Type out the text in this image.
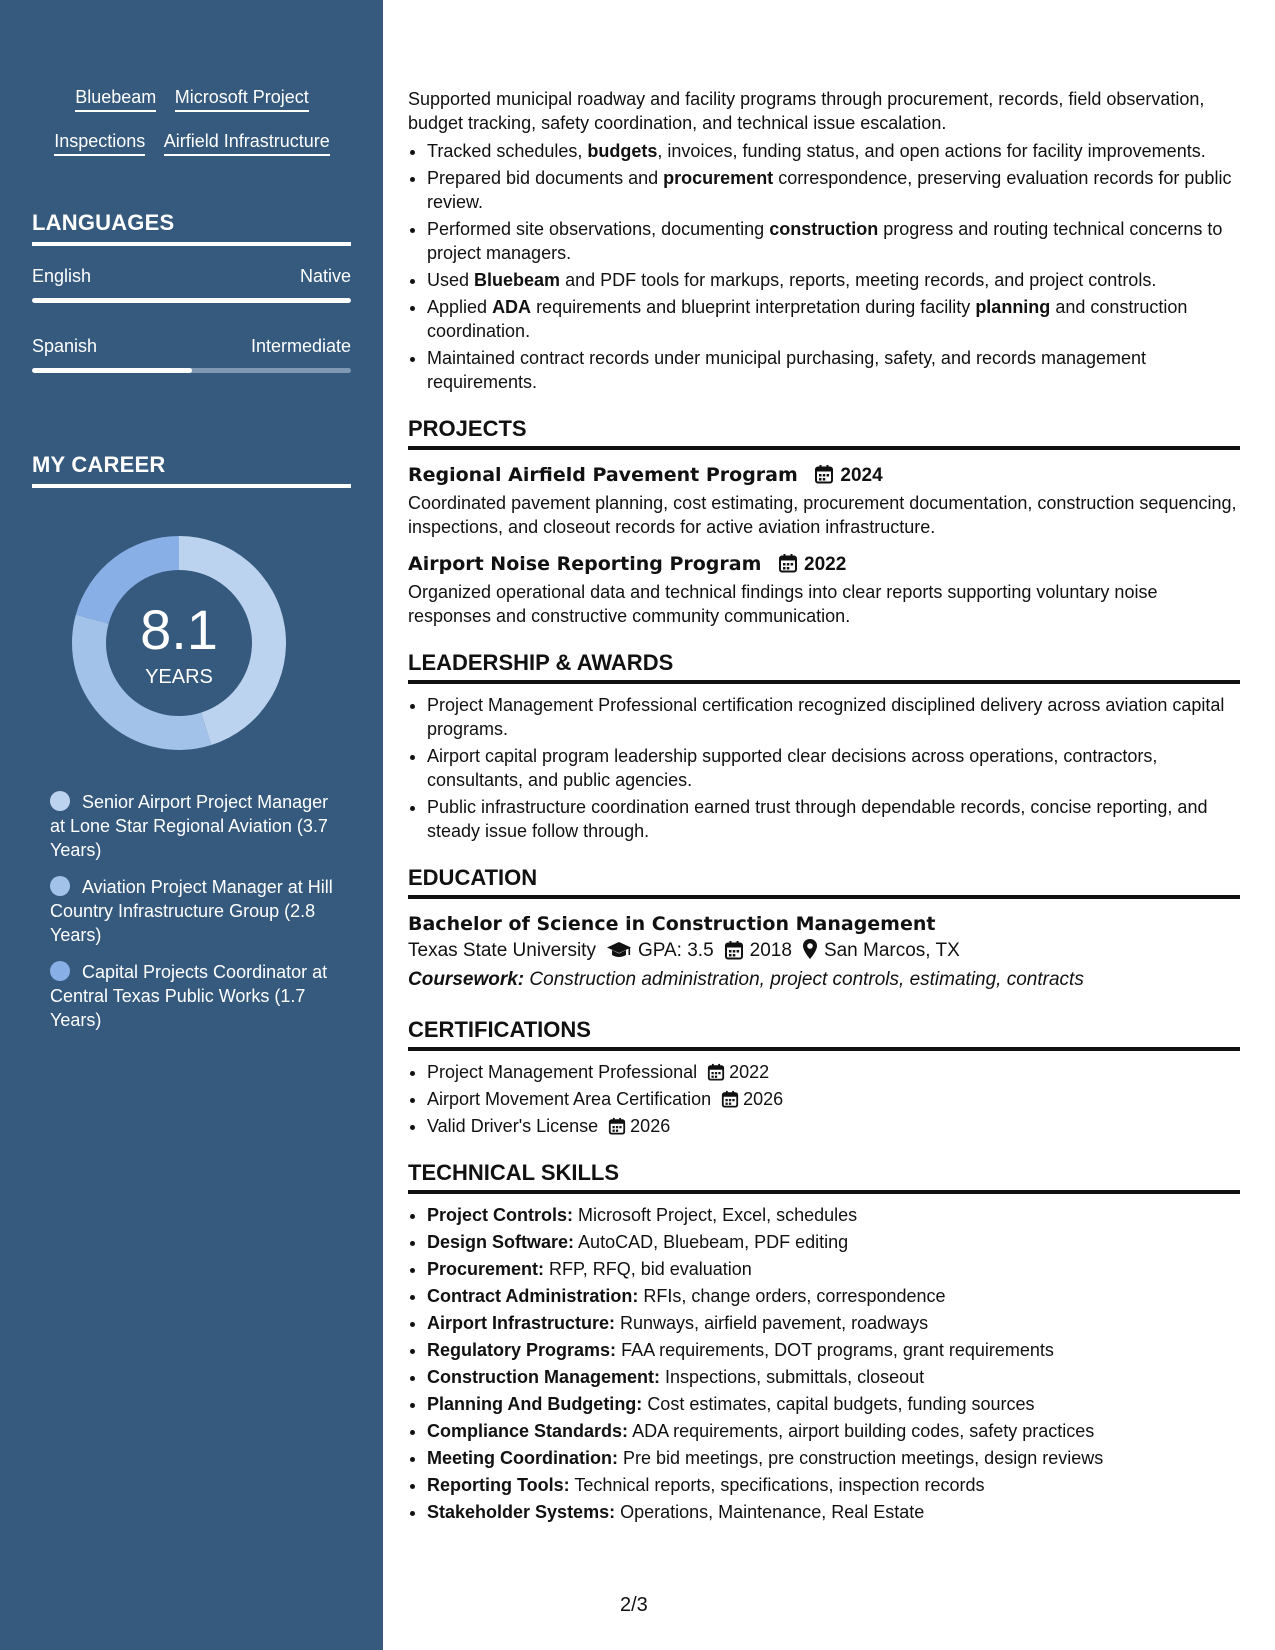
Bluebeam Microsoft Project
Inspections Airfield Infrastructure
LANGUAGES
English	Native
Spanish	Intermediate
MY CAREER
8.1
YEARS
Senior Airport Project Manager at Lone Star Regional Aviation (3.7 Years)
Aviation Project Manager at Hill Country Infrastructure Group (2.8 Years)
Capital Projects Coordinator at Central Texas Public Works (1.7 Years)

Supported municipal roadway and facility programs through procurement, records, field observation, budget tracking, safety coordination, and technical issue escalation.

• Tracked schedules, budgets, invoices, funding status, and open actions for facility improvements.
• Prepared bid documents and procurement correspondence, preserving evaluation records for public review.
• Performed site observations, documenting construction progress and routing technical concerns to project managers.
• Used Bluebeam and PDF tools for markups, reports, meeting records, and project controls.
• Applied ADA requirements and blueprint interpretation during facility planning and construction coordination.
• Maintained contract records under municipal purchasing, safety, and records management requirements.
PROJECTS
Regional Airfield Pavement Program 2024

Coordinated pavement planning, cost estimating, procurement documentation, construction sequencing, inspections, and closeout records for active aviation infrastructure.

Airport Noise Reporting Program 2022

Organized operational data and technical findings into clear reports supporting voluntary noise responses and constructive community communication.

LEADERSHIP & AWARDS
• Project Management Professional certification recognized disciplined delivery across aviation capital programs.
• Airport capital program leadership supported clear decisions across operations, contractors, consultants, and public agencies.
• Public infrastructure coordination earned trust through dependable records, concise reporting, and steady issue follow through.
EDUCATION
Bachelor of Science in Construction Management
Texas State University GPA: 3.5 2018 San Marcos, TX
Coursework: Construction administration, project controls, estimating, contracts
CERTIFICATIONS
• Project Management Professional 2022
• Airport Movement Area Certification 2026
• Valid Driver's License 2026
TECHNICAL SKILLS
• Project Controls: Microsoft Project, Excel, schedules
• Design Software: AutoCAD, Bluebeam, PDF editing
• Procurement: RFP, RFQ, bid evaluation
• Contract Administration: RFIs, change orders, correspondence
• Airport Infrastructure: Runways, airfield pavement, roadways
• Regulatory Programs: FAA requirements, DOT programs, grant requirements
• Construction Management: Inspections, submittals, closeout
• Planning And Budgeting: Cost estimates, capital budgets, funding sources
• Compliance Standards: ADA requirements, airport building codes, safety practices
• Meeting Coordination: Pre bid meetings, pre construction meetings, design reviews
• Reporting Tools: Technical reports, specifications, inspection records
• Stakeholder Systems: Operations, Maintenance, Real Estate
2/3
